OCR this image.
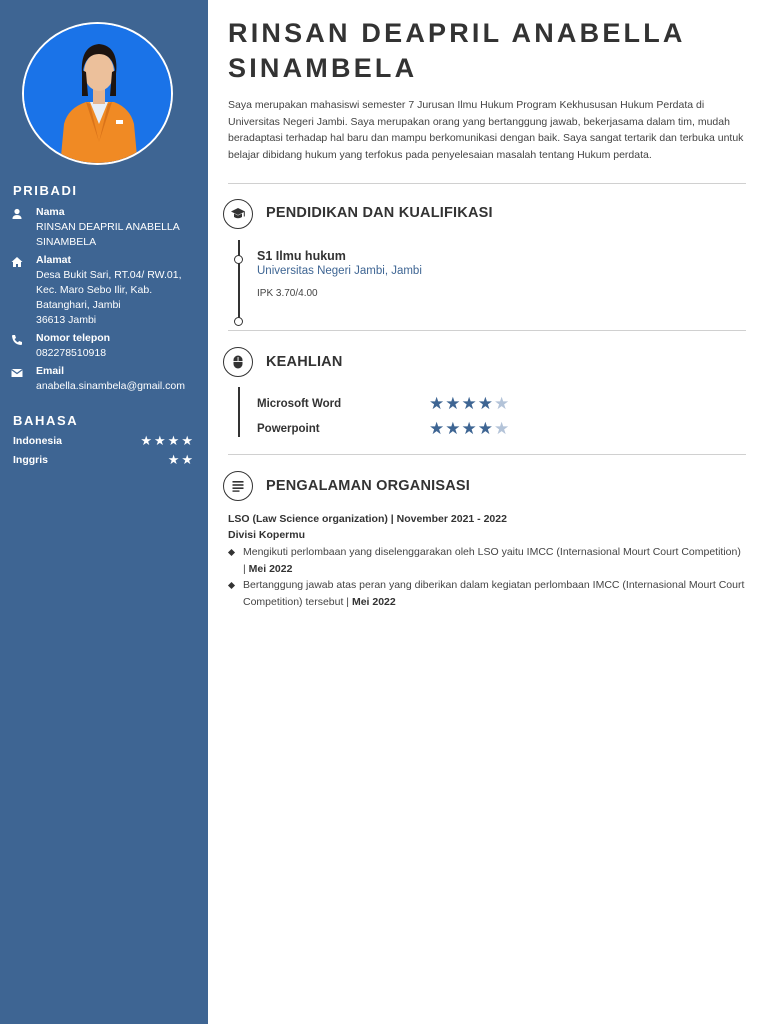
PRIBADI
Nama
RINSAN DEAPRIL ANABELLA SINAMBELA
Alamat
Desa Bukit Sari, RT.04/ RW.01, Kec. Maro Sebo Ilir, Kab. Batanghari, Jambi
36613 Jambi
Nomor telepon
082278510918
Email
anabella.sinambela@gmail.com
BAHASA
Indonesia	★★★★
Inggris	★★
RINSAN DEAPRIL ANABELLA SINAMBELA
Saya merupakan mahasiswi semester 7 Jurusan Ilmu Hukum Program Kekhususan Hukum Perdata di Universitas Negeri Jambi. Saya merupakan orang yang bertanggung jawab, bekerjasama dalam tim, mudah beradaptasi terhadap hal baru dan mampu berkomunikasi dengan baik. Saya sangat tertarik dan terbuka untuk belajar dibidang hukum yang terfokus pada penyelesaian masalah tentang Hukum perdata.
PENDIDIKAN DAN KUALIFIKASI
S1 Ilmu hukum
Universitas Negeri Jambi, Jambi
IPK 3.70/4.00
KEAHLIAN
Microsoft Word	★★★★★
Powerpoint	★★★★★
PENGALAMAN ORGANISASI
LSO (Law Science organization) | November 2021 - 2022
Divisi Kopermu
Mengikuti perlombaan yang diselenggarakan oleh LSO yaitu IMCC (Internasional Mourt Court Competition) | Mei 2022
Bertanggung jawab atas peran yang diberikan dalam kegiatan perlombaan IMCC (Internasional Mourt Court Competition) tersebut | Mei 2022
